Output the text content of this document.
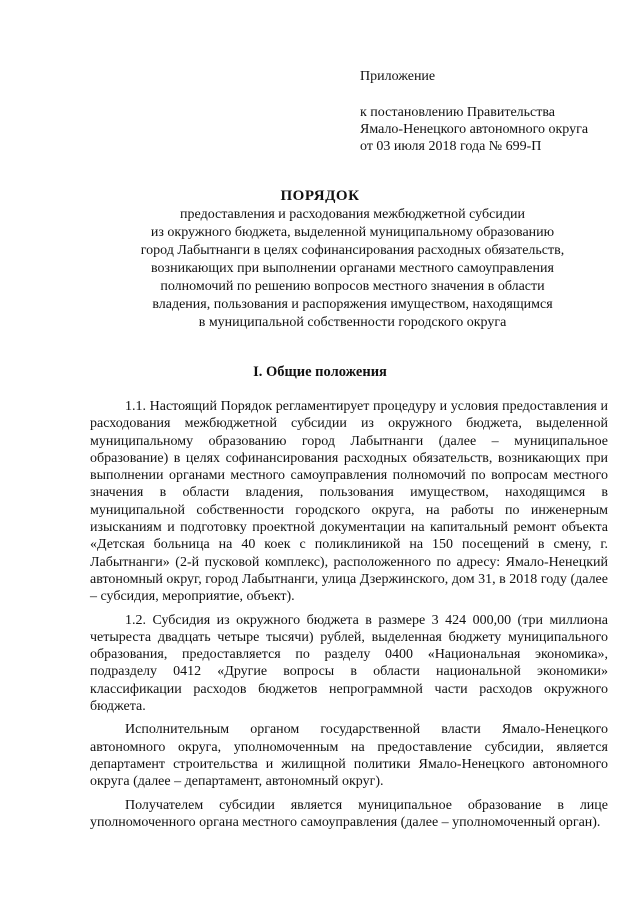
Приложение
к постановлению Правительства
Ямало-Ненецкого автономного округа
от 03 июля 2018 года № 699-П
ПОРЯДОК
предоставления и расходования межбюджетной субсидии
из окружного бюджета, выделенной муниципальному образованию
город Лабытнанги в целях софинансирования расходных обязательств,
возникающих при выполнении органами местного самоуправления
полномочий по решению вопросов местного значения в области
владения, пользования и распоряжения имуществом, находящимся
в муниципальной собственности городского округа
I. Общие положения

1.1. Настоящий Порядок регламентирует процедуру и условия предоставления и расходования межбюджетной субсидии из окружного бюджета, выделенной муниципальному образованию город Лабытнанги (далее – муниципальное образование) в целях софинансирования расходных обязательств, возникающих при выполнении органами местного самоуправления полномочий по вопросам местного значения в области владения, пользования имуществом, находящимся в муниципальной собственности городского округа, на работы по инженерным изысканиям и подготовку проектной документации на капитальный ремонт объекта «Детская больница на 40 коек с поликлиникой на 150 посещений в смену, г. Лабытнанги» (2-й пусковой комплекс), расположенного по адресу: Ямало-Ненецкий автономный округ, город Лабытнанги, улица Дзержинского, дом 31, в 2018 году (далее – субсидия, мероприятие, объект).

1.2. Субсидия из окружного бюджета в размере 3 424 000,00 (три миллиона четыреста двадцать четыре тысячи) рублей, выделенная бюджету муниципального образования, предоставляется по разделу 0400 «Национальная экономика», подразделу 0412 «Другие вопросы в области национальной экономики» классификации расходов бюджетов непрограммной части расходов окружного бюджета.

Исполнительным органом государственной власти Ямало-Ненецкого автономного округа, уполномоченным на предоставление субсидии, является департамент строительства и жилищной политики Ямало-Ненецкого автономного округа (далее – департамент, автономный округ).

Получателем субсидии является муниципальное образование в лице уполномоченного органа местного самоуправления (далее – уполномоченный орган).
